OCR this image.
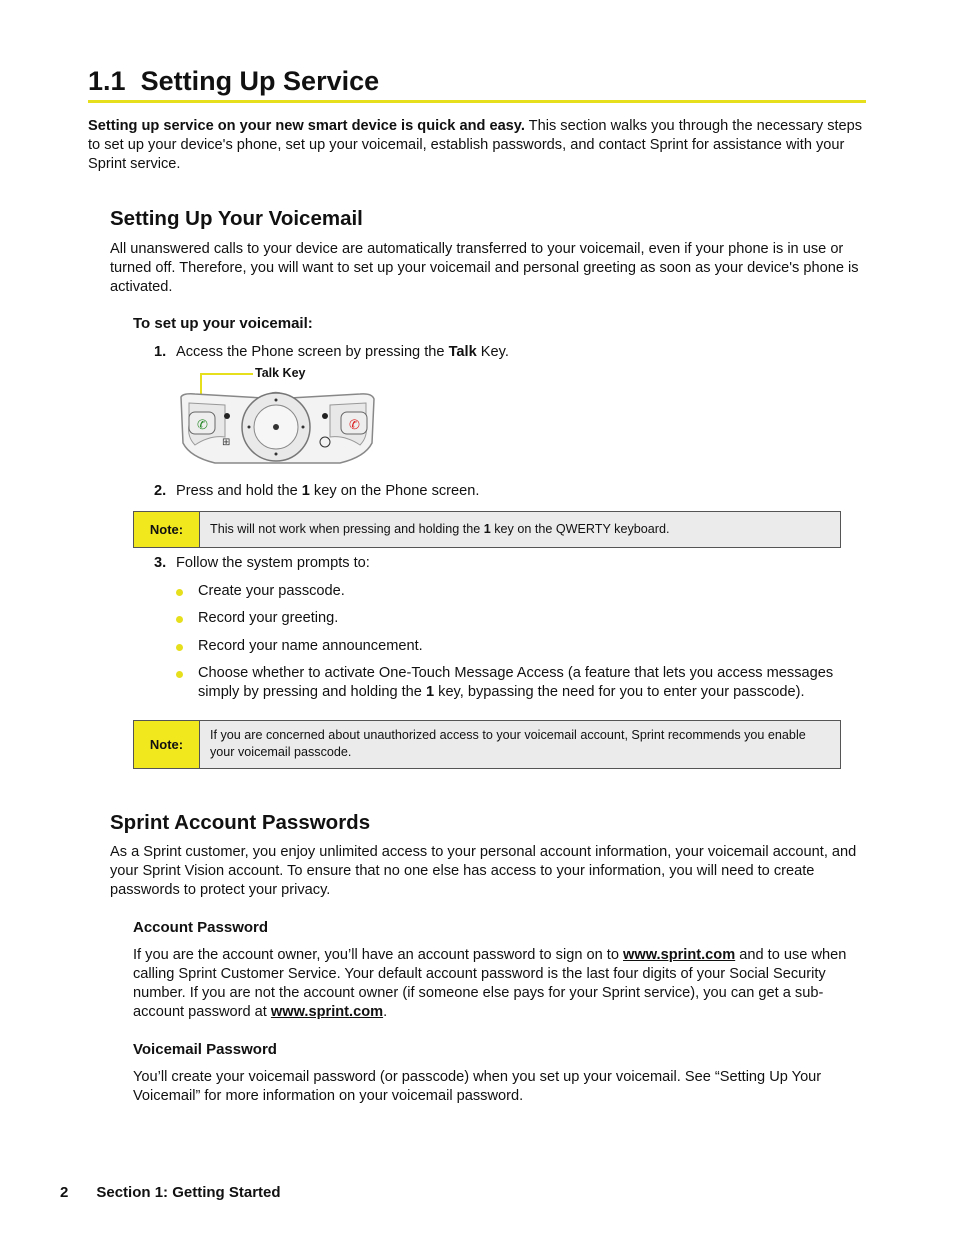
1.1 Setting Up Service
Setting up service on your new smart device is quick and easy. This section walks you through the necessary steps to set up your device's phone, set up your voicemail, establish passwords, and contact Sprint for assistance with your Sprint service.
Setting Up Your Voicemail
All unanswered calls to your device are automatically transferred to your voicemail, even if your phone is in use or turned off. Therefore, you will want to set up your voicemail and personal greeting as soon as your device's phone is activated.
To set up your voicemail:
1. Access the Phone screen by pressing the Talk Key.
✆	✆
⊞
Talk Key
2. Press and hold the 1 key on the Phone screen.
Note:	This will not work when pressing and holding the 1 key on the QWERTY keyboard.
3. Follow the system prompts to:
Create your passcode.
Record your greeting.
Record your name announcement.
Choose whether to activate One-Touch Message Access (a feature that lets you access messages simply by pressing and holding the 1 key, bypassing the need for you to enter your passcode).
Note:
If you are concerned about unauthorized access to your voicemail account, Sprint recommends you enable your voicemail passcode.
Sprint Account Passwords
As a Sprint customer, you enjoy unlimited access to your personal account information, your voicemail account, and your Sprint Vision account. To ensure that no one else has access to your information, you will need to create passwords to protect your privacy.
Account Password
If you are the account owner, you’ll have an account password to sign on to www.sprint.com and to use when calling Sprint Customer Service. Your default account password is the last four digits of your Social Security number. If you are not the account owner (if someone else pays for your Sprint service), you can get a sub-account password at www.sprint.com.
Voicemail Password
You’ll create your voicemail password (or passcode) when you set up your voicemail. See “Setting Up Your Voicemail” for more information on your voicemail password.
2 Section 1: Getting Started
